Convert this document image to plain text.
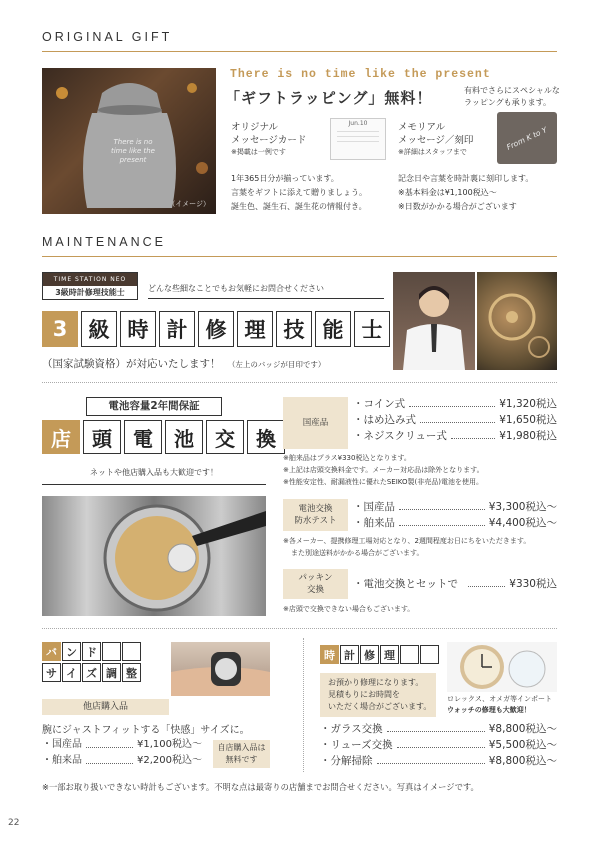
ORIGINAL GIFT
There is no time like the present
（イメージ）
There is no time like the present
「ギフトラッピング」無料！	有料でさらにスペシャルな
ラッピングも承ります。
オリジナル
メッセージカード
※掲載は一例です
Jun.10	メモリアル
メッセージ／刻印
※詳細はスタッフまで
From K to Y
1年365日分が揃っています。
言葉をギフトに添えて贈りましょう。
誕生色、誕生石、誕生花の情報付き。
記念日や言葉を時計裏に刻印します。
※基本料金は¥1,100税込～
※日数がかかる場合がございます
MAINTENANCE
TIME STATION NEO
3級時計修理技能士	どんな些細なことでもお気軽にお問合せください
3	級 時 計 修 理 技 能 士
（国家試験資格）が対応いたします！ （左上のバッジが目印です）
電池容量2年間保証
店	頭	電	池	交	換
ネットや他店購入品も大歓迎です！
国産品
・コイン式	¥1,320税込
・はめ込み式	¥1,650税込
・ネジスクリュー式	¥1,980税込
※舶来品はプラス¥330税込となります。
※上記は店頭交換料金です。メーカー対応品は除外となります。
※性能安定性、耐漏液性に優れたSEIKO製(非売品)電池を使用。
電池交換
防水テスト
・国産品	¥3,300税込～
・舶来品	¥4,400税込～
※各メーカー、提携修理工場対応となり、2週間程度お日にちをいただきます。
また別途送料がかかる場合がございます。
パッキン
交換	・電池交換とセットで	¥330税込
※店頭で交換できない場合もございます。
バ ン ド
サ イ ズ 調 整
他店購入品
腕にジャストフィットする「快感」サイズに。
・国産品	¥1,100税込～
・舶来品	¥2,200税込～
自店購入品は
無料です
時 計 修 理
お預かり修理になります。
見積もりにお時間を
いただく場合がございます。
ロレックス、オメガ等インポート
ウォッチの修理も大歓迎！
・ガラス交換	¥8,800税込～
・リューズ交換	¥5,500税込～
・分解掃除	¥8,800税込～
※一部お取り扱いできない時計もございます。不明な点は最寄りの店舗までお問合せください。写真はイメージです。
22
